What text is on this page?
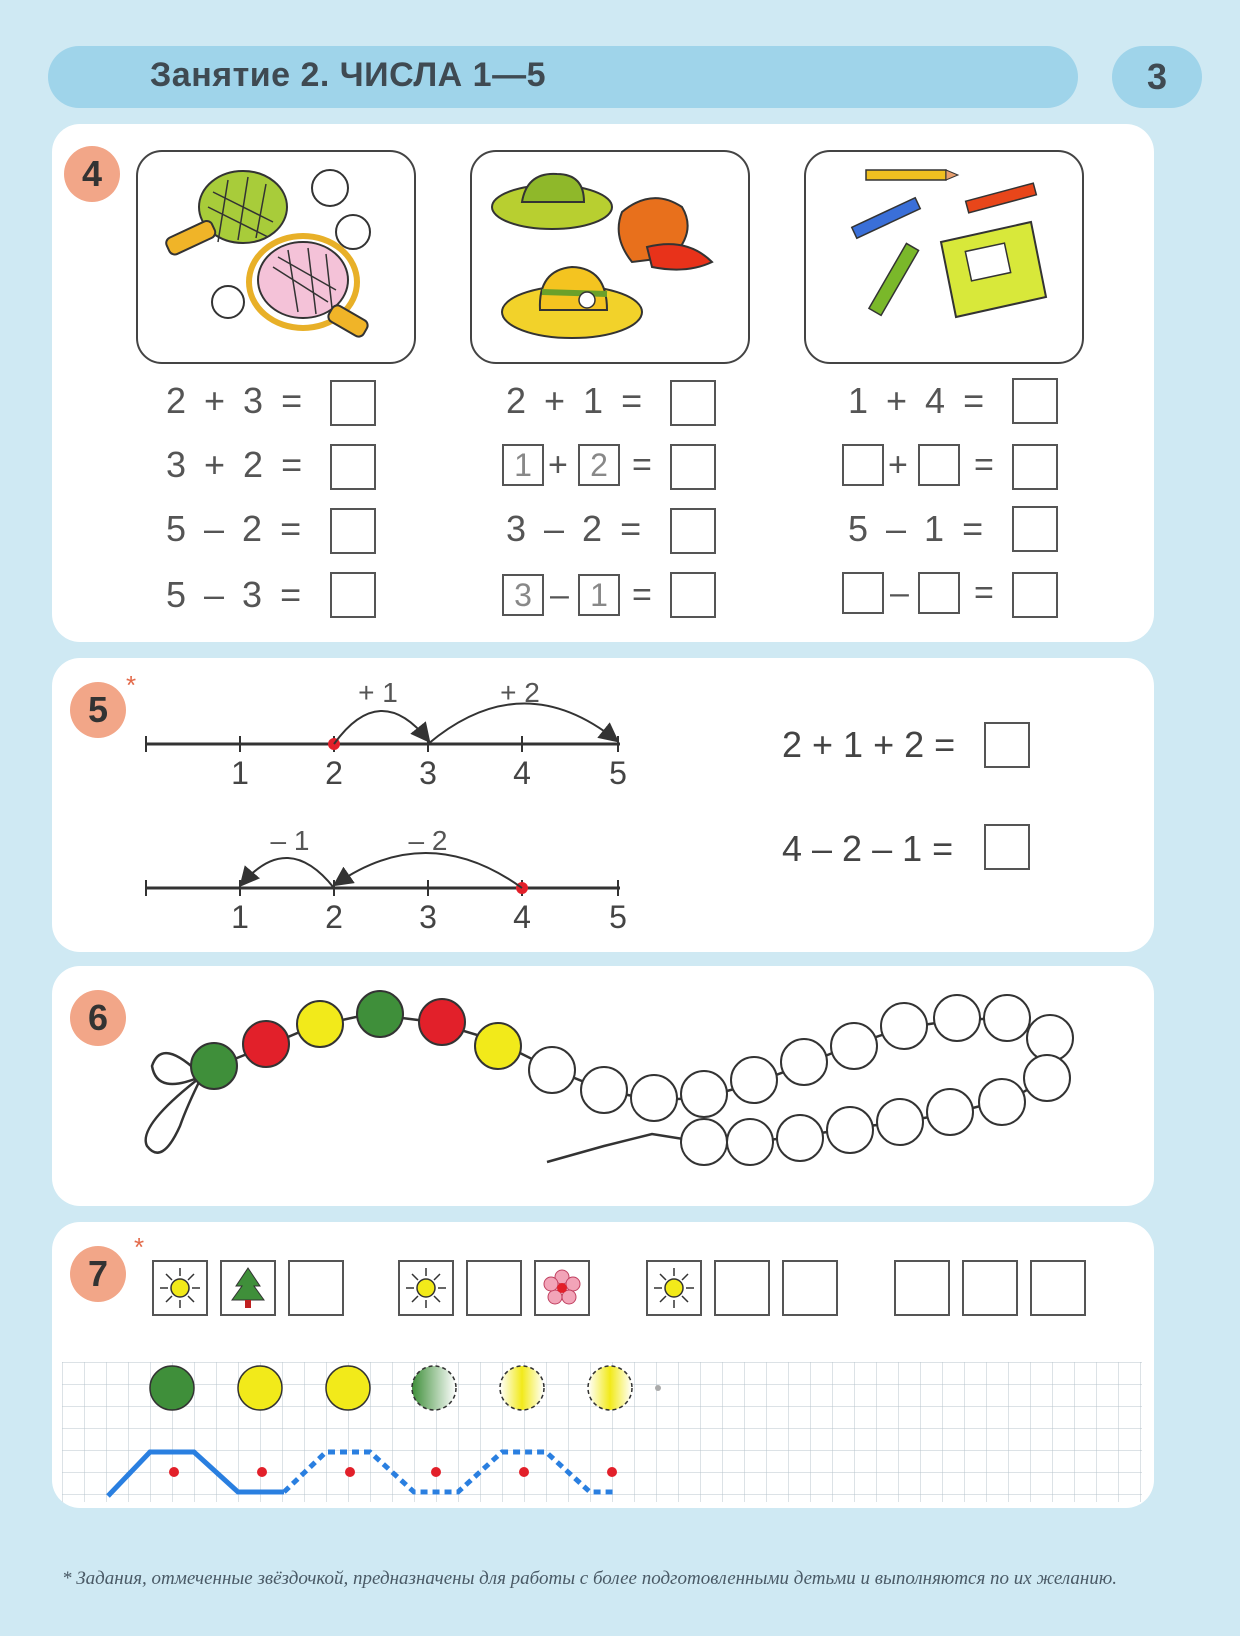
Занятие 2. ЧИСЛА 1—5	3
4
2 + 3 =
3 + 2 =
5 – 2 =
5 – 3 =
2 + 1 =
1 + 2 =
3 – 2 =
3 – 1 =
1 + 4 =
+ =
5 – 1 =
– =
5
*	+ 1	+ 2
1 2 3 4 5
– 1	– 2
1 2 3 4 5
2 + 1 + 2 =
4 – 2 – 1 =
6
7
*
* Задания, отмеченные звёздочкой, предназначены для работы с более подготовленными детьми и выполняются по их желанию.
